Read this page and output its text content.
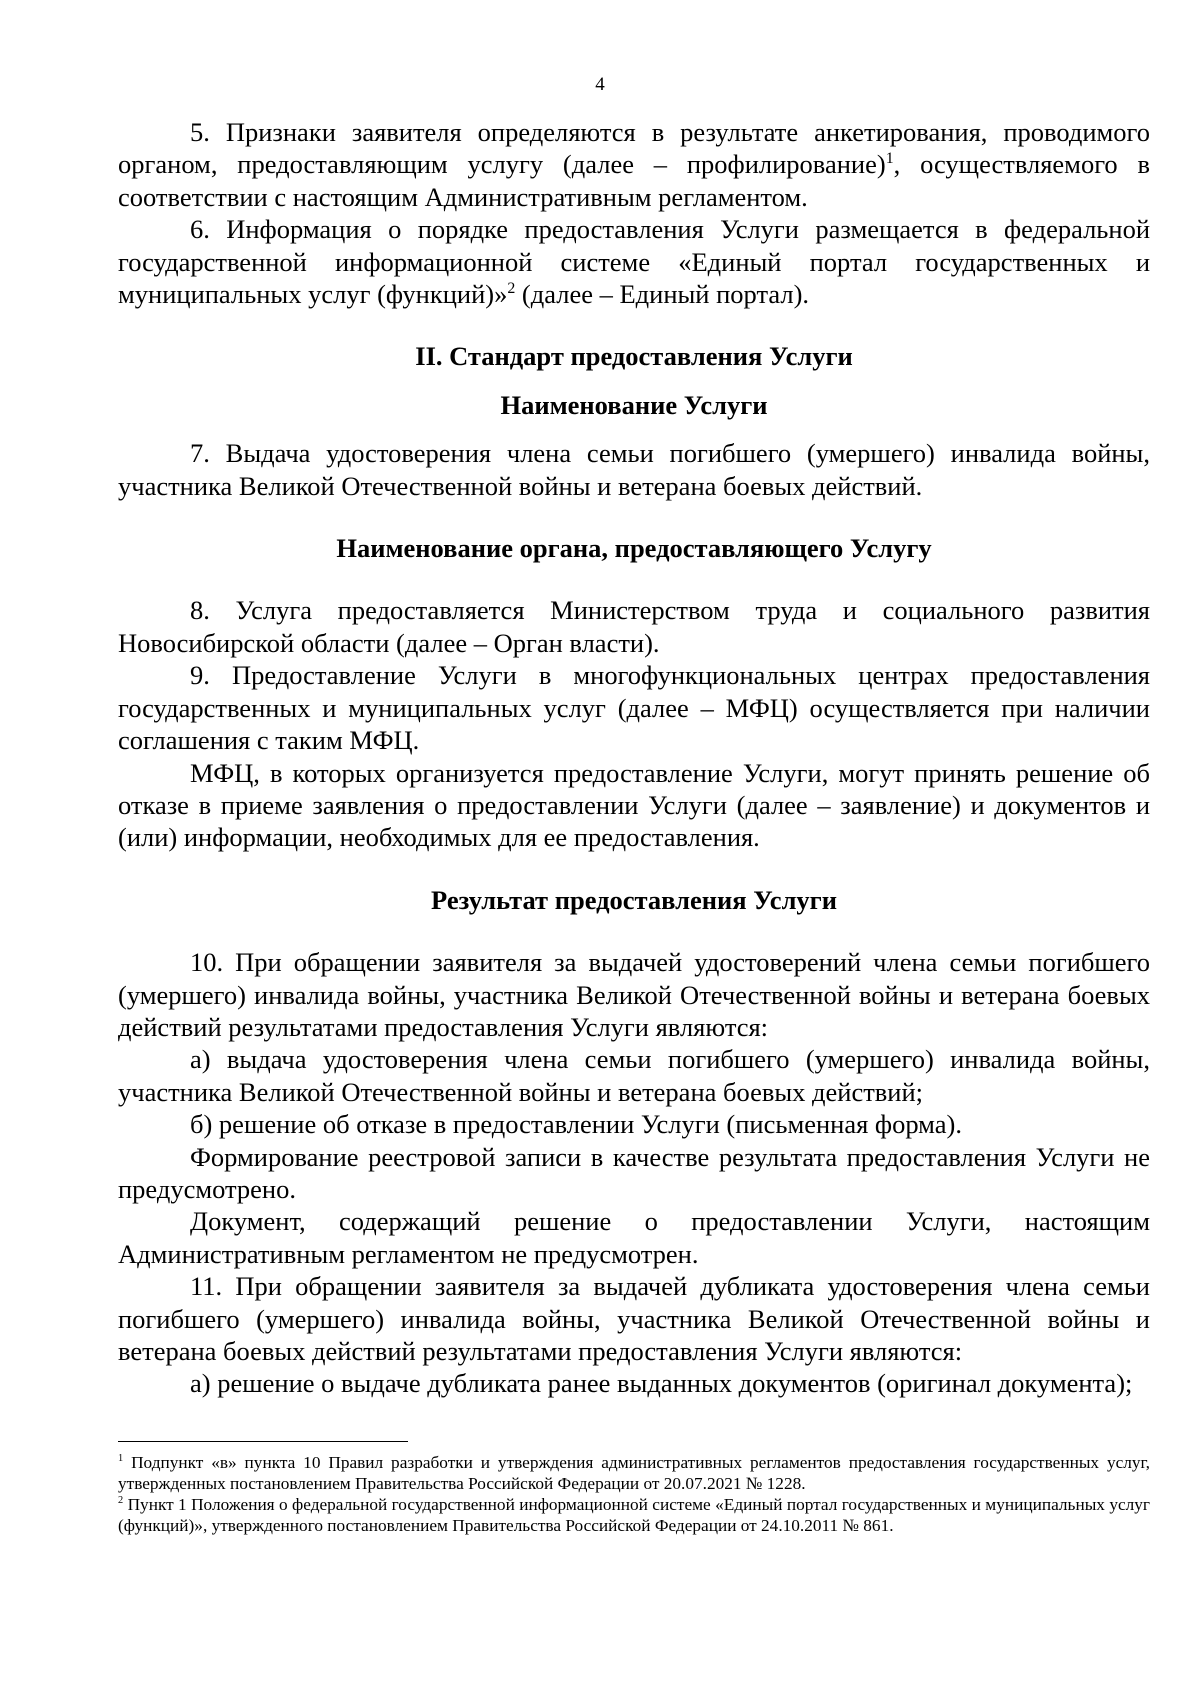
4

5. Признаки заявителя определяются в результате анкетирования, проводимого органом, предоставляющим услугу (далее – профилирование)$^1$, осуществляемого в соответствии с настоящим Административным регламентом.

6. Информация о порядке предоставления Услуги размещается в федеральной государственной информационной системе «Единый портал государственных и муниципальных услуг (функций)»$^2$ (далее – Единый портал).

II. Стандарт предоставления Услуги

Наименование Услуги

7. Выдача удостоверения члена семьи погибшего (умершего) инвалида войны, участника Великой Отечественной войны и ветерана боевых действий.

Наименование органа, предоставляющего Услугу

8. Услуга предоставляется Министерством труда и социального развития Новосибирской области (далее – Орган власти).

9. Предоставление Услуги в многофункциональных центрах предоставления государственных и муниципальных услуг (далее – МФЦ) осуществляется при наличии соглашения с таким МФЦ.

МФЦ, в которых организуется предоставление Услуги, могут принять решение об отказе в приеме заявления о предоставлении Услуги (далее – заявление) и документов и (или) информации, необходимых для ее предоставления.

Результат предоставления Услуги

10. При обращении заявителя за выдачей удостоверений члена семьи погибшего (умершего) инвалида войны, участника Великой Отечественной войны и ветерана боевых действий результатами предоставления Услуги являются:

а) выдача удостоверения члена семьи погибшего (умершего) инвалида войны, участника Великой Отечественной войны и ветерана боевых действий;

б) решение об отказе в предоставлении Услуги (письменная форма).

Формирование реестровой записи в качестве результата предоставления Услуги не предусмотрено.

Документ, содержащий решение о предоставлении Услуги, настоящим Административным регламентом не предусмотрен.

11. При обращении заявителя за выдачей дубликата удостоверения члена семьи погибшего (умершего) инвалида войны, участника Великой Отечественной войны и ветерана боевых действий результатами предоставления Услуги являются:

а) решение о выдаче дубликата ранее выданных документов (оригинал документа);

$^1$ Подпункт «в» пункта 10 Правил разработки и утверждения административных регламентов предоставления государственных услуг, утвержденных постановлением Правительства Российской Федерации от 20.07.2021 № 1228.

$^2$ Пункт 1 Положения о федеральной государственной информационной системе «Единый портал государственных и муниципальных услуг (функций)», утвержденного постановлением Правительства Российской Федерации от 24.10.2011 № 861.
